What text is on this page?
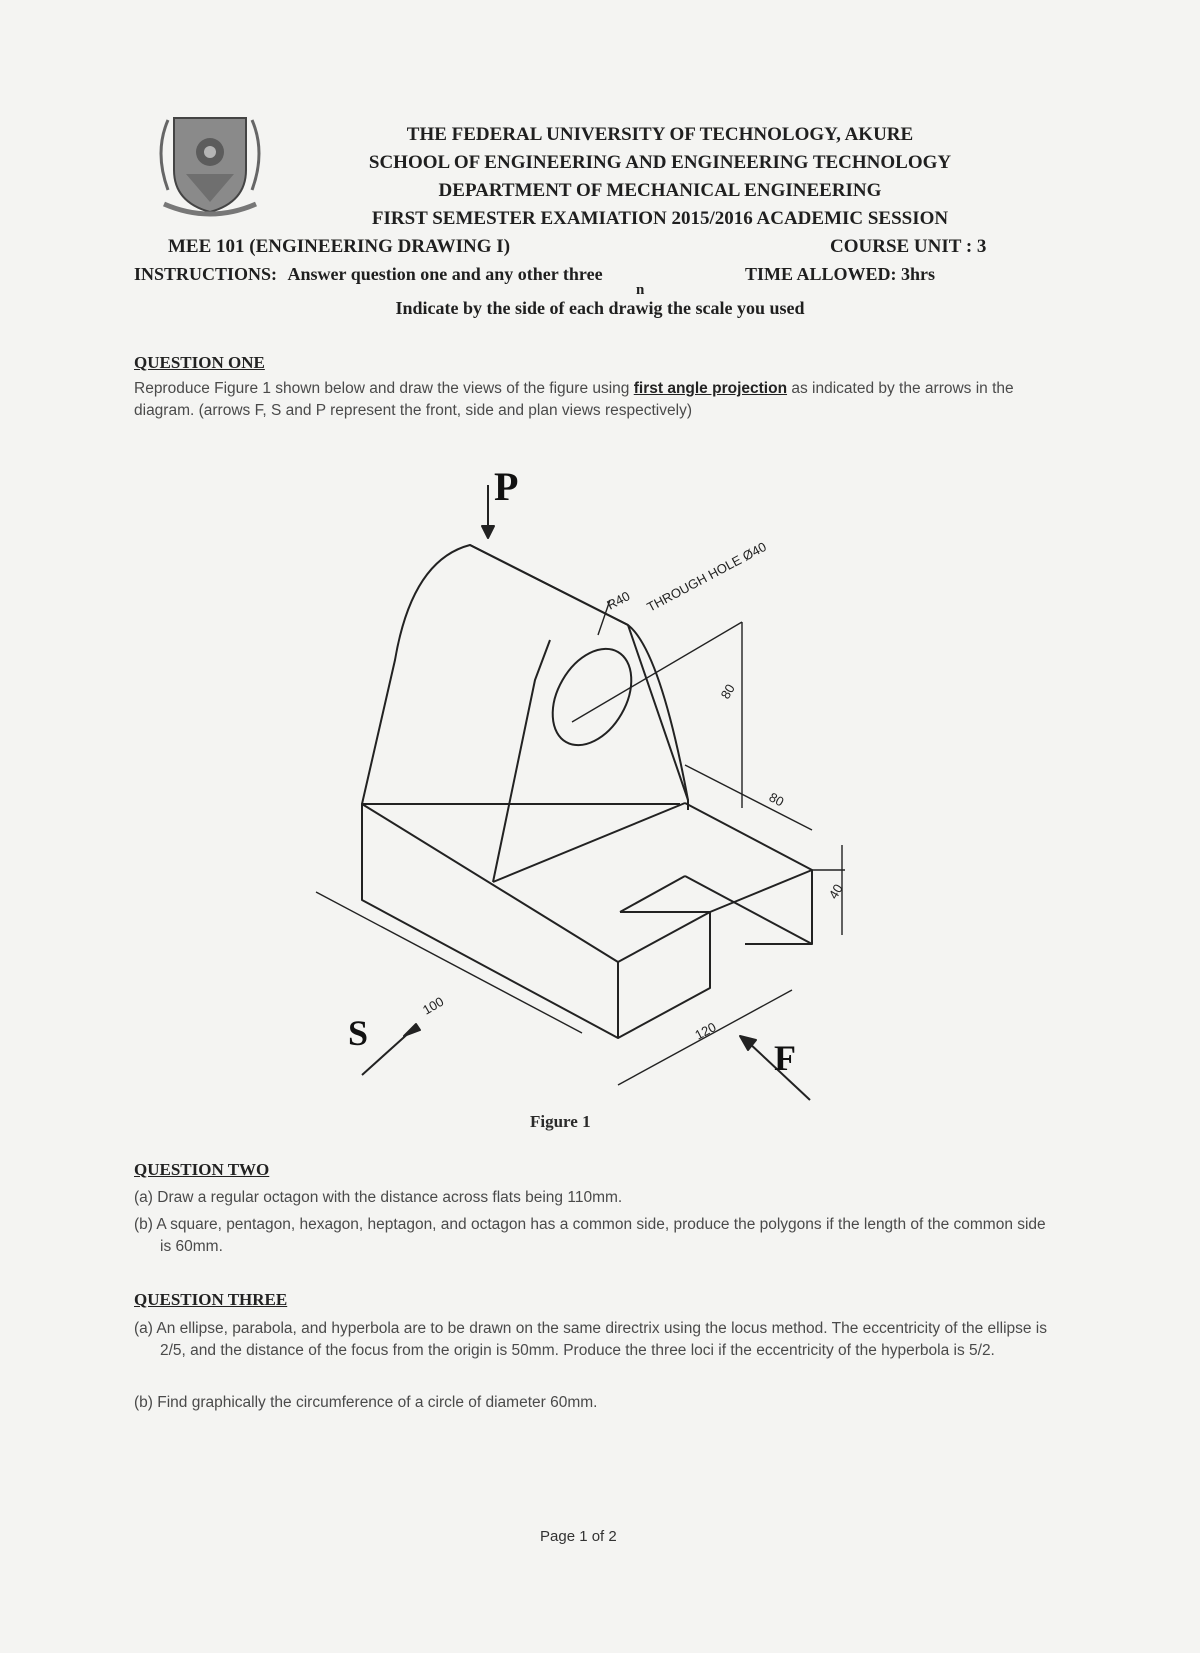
THE FEDERAL UNIVERSITY OF TECHNOLOGY, AKURE
SCHOOL OF ENGINEERING AND ENGINEERING TECHNOLOGY
DEPARTMENT OF MECHANICAL ENGINEERING
FIRST SEMESTER EXAMIATION 2015/2016 ACADEMIC SESSION
MEE 101 (ENGINEERING DRAWING I)	COURSE UNIT : 3
INSTRUCTIONS: Answer question one and any other three	TIME ALLOWED: 3hrs
n
Indicate by the side of each drawig the scale you used
QUESTION ONE
Reproduce Figure 1 shown below and draw the views of the figure using first angle projection as indicated by the arrows in the diagram. (arrows F, S and P represent the front, side and plan views respectively)
P
S
F
R40 THROUGH HOLE Ø40
80
80
40
100
120
Figure 1
QUESTION TWO
(a) Draw a regular octagon with the distance across flats being 110mm.
(b) A square, pentagon, hexagon, heptagon, and octagon has a common side, produce the polygons if the length of the common side is 60mm.
QUESTION THREE
(a) An ellipse, parabola, and hyperbola are to be drawn on the same directrix using the locus method. The eccentricity of the ellipse is 2/5, and the distance of the focus from the origin is 50mm. Produce the three loci if the eccentricity of the hyperbola is 5/2.
(b) Find graphically the circumference of a circle of diameter 60mm.
Page 1 of 2
